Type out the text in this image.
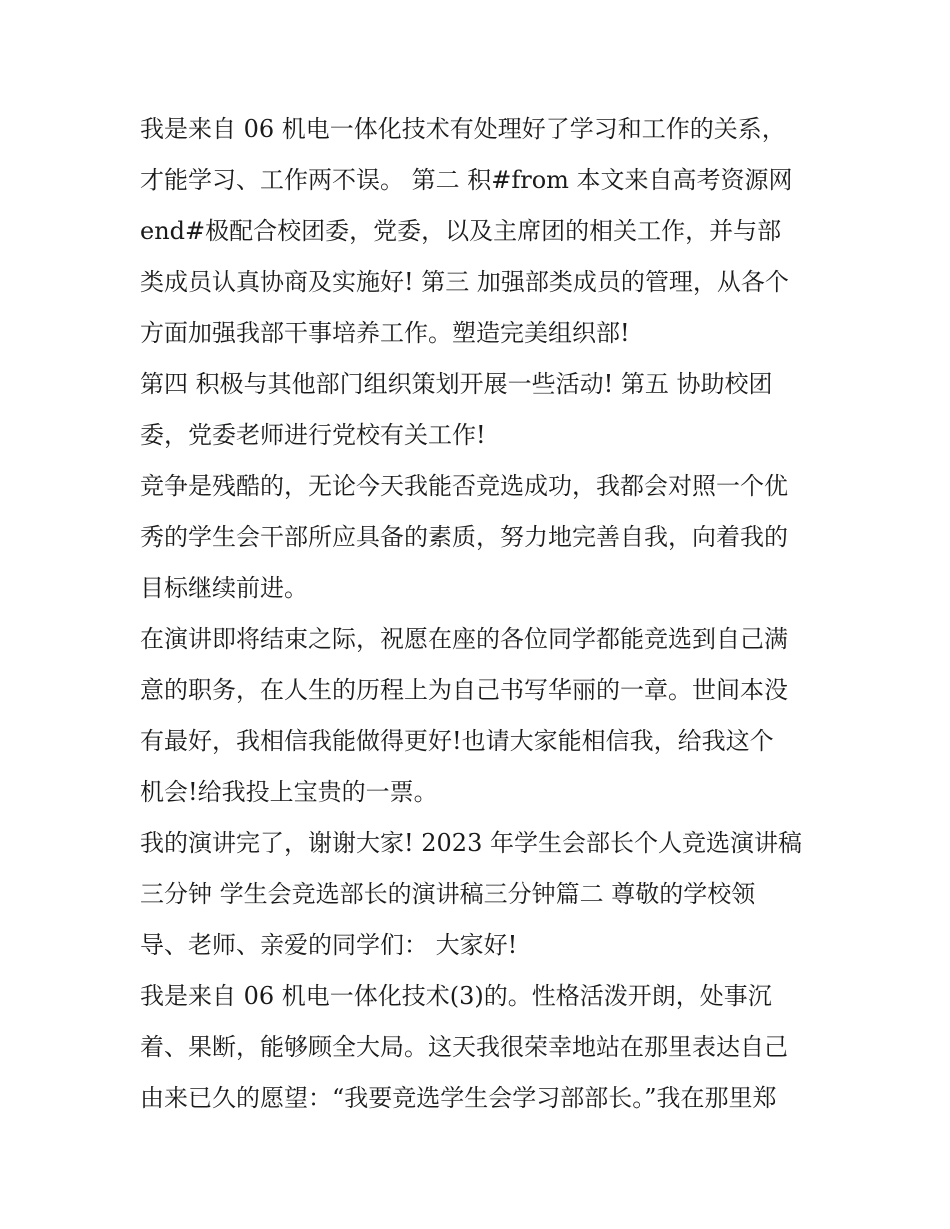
我是来自 06 机电一体化技术有处理好了学习和工作的关系，
才能学习、工作两不误。 第二 积#from 本文来自高考资源网
end#极配合校团委，党委，以及主席团的相关工作，并与部
类成员认真协商及实施好! 第三 加强部类成员的管理，从各个
方面加强我部干事培养工作。塑造完美组织部!
第四 积极与其他部门组织策划开展一些活动! 第五 协助校团
委，党委老师进行党校有关工作!
竞争是残酷的，无论今天我能否竞选成功，我都会对照一个优
秀的学生会干部所应具备的素质，努力地完善自我，向着我的
目标继续前进。
在演讲即将结束之际，祝愿在座的各位同学都能竞选到自己满
意的职务，在人生的历程上为自己书写华丽的一章。世间本没
有最好，我相信我能做得更好!也请大家能相信我，给我这个
机会!给我投上宝贵的一票。
我的演讲完了，谢谢大家! 2023 年学生会部长个人竞选演讲稿
三分钟 学生会竞选部长的演讲稿三分钟篇二 尊敬的学校领
导、老师、亲爱的同学们： 大家好!
我是来自 06 机电一体化技术(3)的。性格活泼开朗，处事沉
着、果断，能够顾全大局。这天我很荣幸地站在那里表达自己
由来已久的愿望：“我要竞选学生会学习部部长。”我在那里郑
